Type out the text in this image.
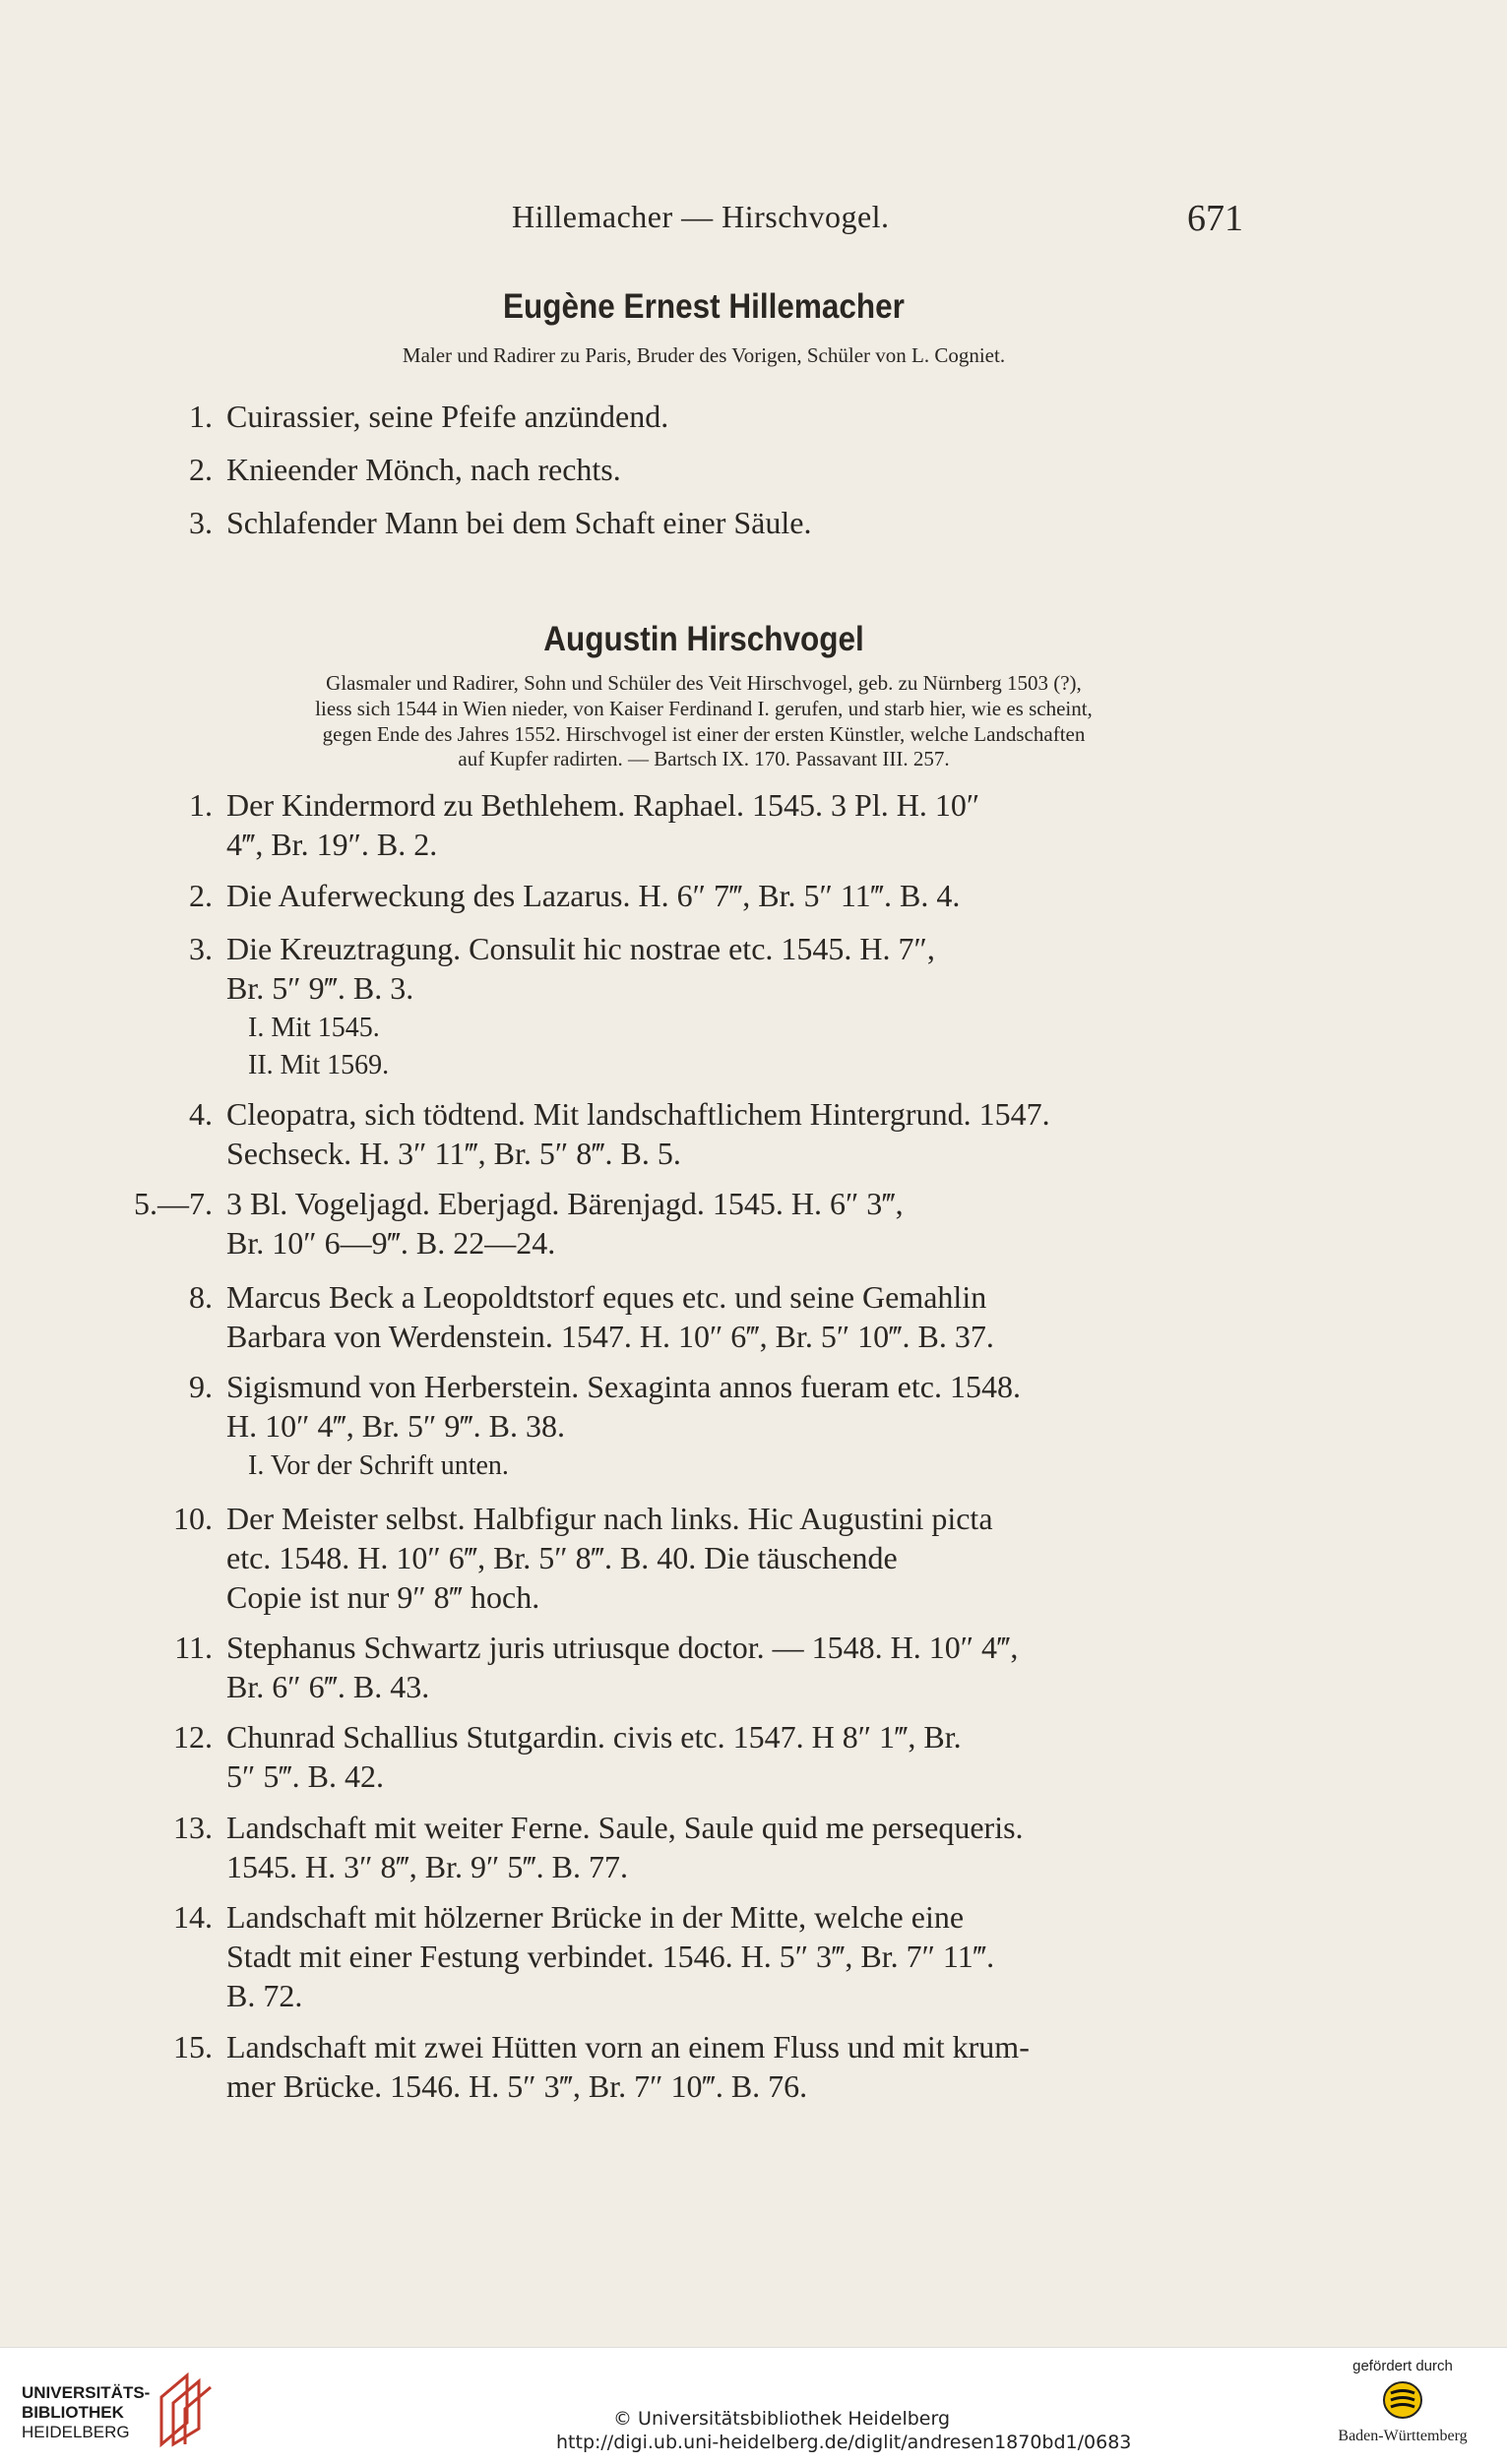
Hillemacher — Hirschvogel.	671
Eugène Ernest Hillemacher
Maler und Radirer zu Paris, Bruder des Vorigen, Schüler von L. Cogniet.
1. Cuirassier, seine Pfeife anzündend.
2. Knieender Mönch, nach rechts.
3. Schlafender Mann bei dem Schaft einer Säule.
Augustin Hirschvogel
Glasmaler und Radirer, Sohn und Schüler des Veit Hirschvogel, geb. zu Nürnberg 1503 (?),
liess sich 1544 in Wien nieder, von Kaiser Ferdinand I. gerufen, und starb hier, wie es scheint,
gegen Ende des Jahres 1552. Hirschvogel ist einer der ersten Künstler, welche Landschaften
auf Kupfer radirten. — Bartsch IX. 170. Passavant III. 257.
1. Der Kindermord zu Bethlehem. Raphael. 1545. 3 Pl. H. 10″
4‴, Br. 19″. B. 2.
2. Die Auferweckung des Lazarus. H. 6″ 7‴, Br. 5″ 11‴. B. 4.
3. Die Kreuztragung. Consulit hic nostrae etc. 1545. H. 7″,
Br. 5″ 9‴. B. 3.
I. Mit 1545.
II. Mit 1569.
4. Cleopatra, sich tödtend. Mit landschaftlichem Hintergrund. 1547.
Sechseck. H. 3″ 11‴, Br. 5″ 8‴. B. 5.
5.—7. 3 Bl. Vogeljagd. Eberjagd. Bärenjagd. 1545. H. 6″ 3‴,
Br. 10″ 6—9‴. B. 22—24.
8. Marcus Beck a Leopoldtstorf eques etc. und seine Gemahlin
Barbara von Werdenstein. 1547. H. 10″ 6‴, Br. 5″ 10‴. B. 37.
9. Sigismund von Herberstein. Sexaginta annos fueram etc. 1548.
H. 10″ 4‴, Br. 5″ 9‴. B. 38.
I. Vor der Schrift unten.
10. Der Meister selbst. Halbfigur nach links. Hic Augustini picta
etc. 1548. H. 10″ 6‴, Br. 5″ 8‴. B. 40. Die täuschende
Copie ist nur 9″ 8‴ hoch.
11. Stephanus Schwartz juris utriusque doctor. — 1548. H. 10″ 4‴,
Br. 6″ 6‴. B. 43.
12. Chunrad Schallius Stutgardin. civis etc. 1547. H 8″ 1‴, Br.
5″ 5‴. B. 42.
13. Landschaft mit weiter Ferne. Saule, Saule quid me persequeris.
1545. H. 3″ 8‴, Br. 9″ 5‴. B. 77.
14. Landschaft mit hölzerner Brücke in der Mitte, welche eine
Stadt mit einer Festung verbindet. 1546. H. 5″ 3‴, Br. 7″ 11‴.
B. 72.
15. Landschaft mit zwei Hütten vorn an einem Fluss und mit krum-
mer Brücke. 1546. H. 5″ 3‴, Br. 7″ 10‴. B. 76.
UNIVERSITÄTS-
BIBLIOTHEK
HEIDELBERG
© Universitätsbibliothek Heidelberg
http://digi.ub.uni-heidelberg.de/diglit/andresen1870bd1/0683
gefördert durch
Baden-Württemberg
